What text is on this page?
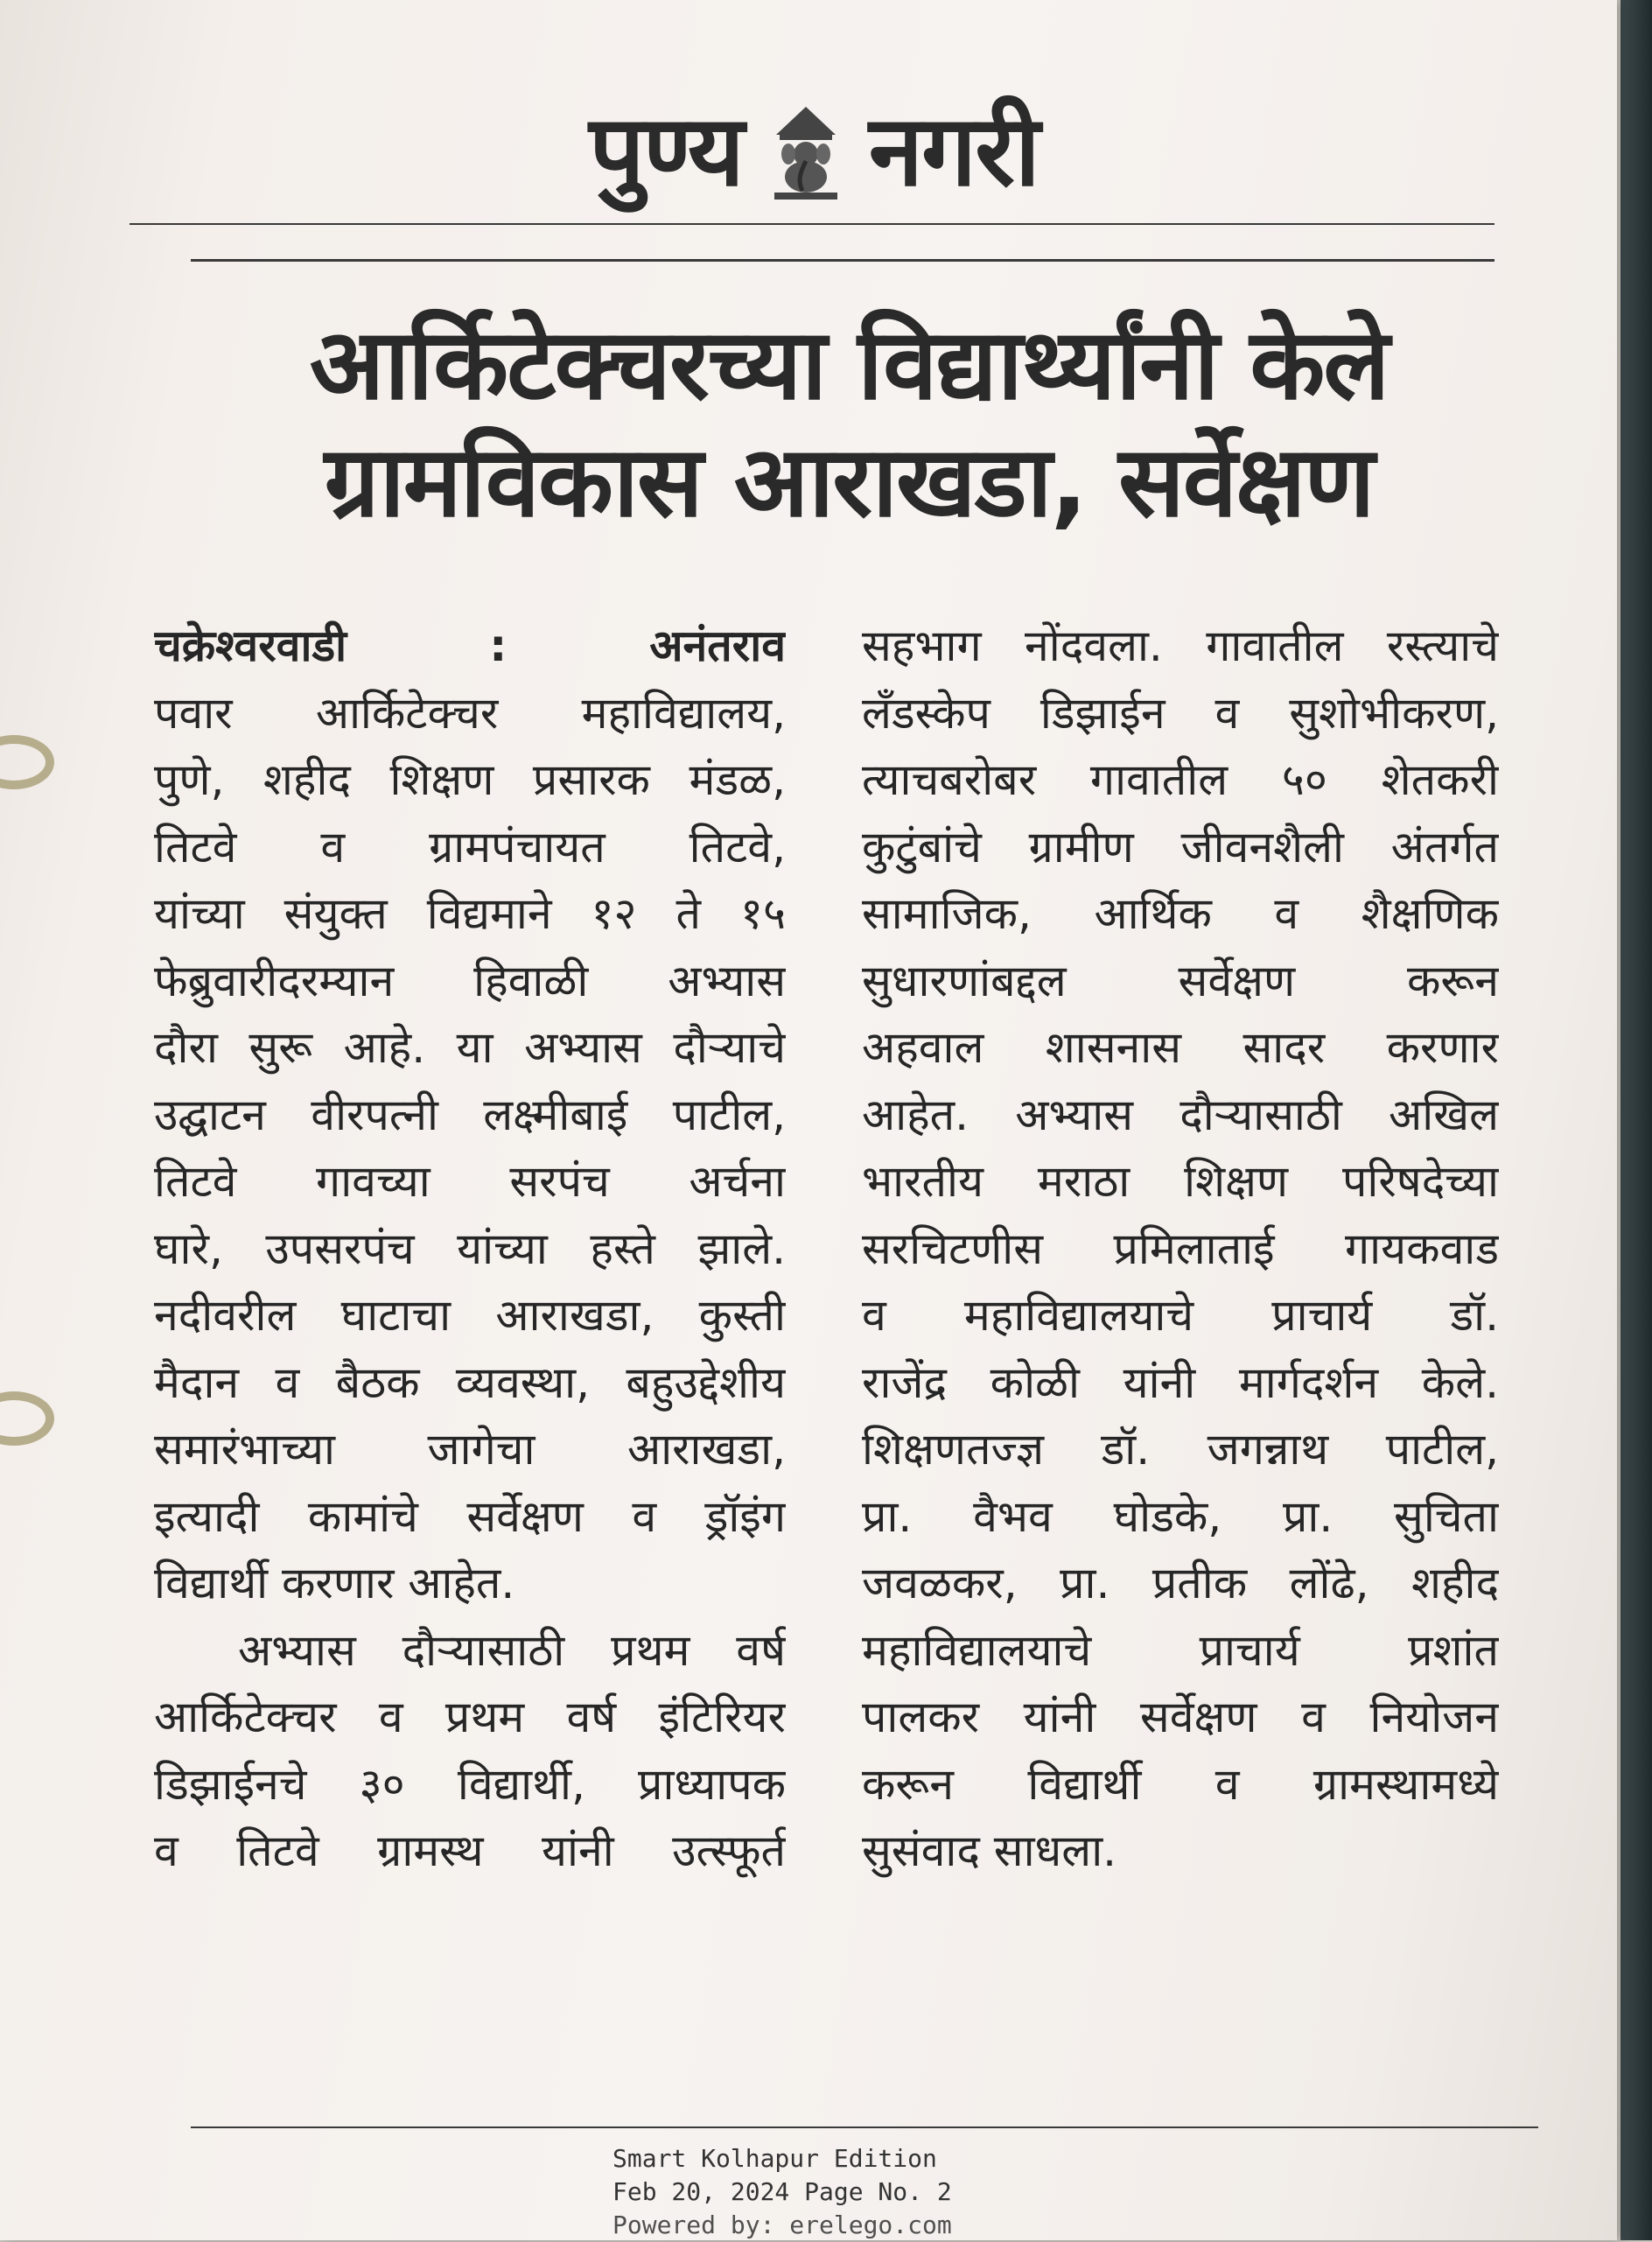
पुण्य नगरी
आर्किटेक्चरच्या विद्यार्थ्यांनी केले
ग्रामविकास आराखडा, सर्वेक्षण
चक्रेश्वरवाडी : अनंतराव
पवार आर्किटेक्चर महाविद्यालय,
पुणे, शहीद शिक्षण प्रसारक मंडळ,
तिटवे व ग्रामपंचायत तिटवे,
यांच्या संयुक्त विद्यमाने १२ ते १५
फेब्रुवारीदरम्यान हिवाळी अभ्यास
दौरा सुरू आहे. या अभ्यास दौऱ्याचे
उद्घाटन वीरपत्नी लक्ष्मीबाई पाटील,
तिटवे गावच्या सरपंच अर्चना
घारे, उपसरपंच यांच्या हस्ते झाले.
नदीवरील घाटाचा आराखडा, कुस्ती
मैदान व बैठक व्यवस्था, बहुउद्देशीय
समारंभाच्या जागेचा आराखडा,
इत्यादी कामांचे सर्वेक्षण व ड्रॉइंग
विद्यार्थी करणार आहेत.
अभ्यास दौऱ्यासाठी प्रथम वर्ष
आर्किटेक्चर व प्रथम वर्ष इंटिरियर
डिझाईनचे ३० विद्यार्थी, प्राध्यापक
व तिटवे ग्रामस्थ यांनी उत्स्फूर्त
सहभाग नोंदवला. गावातील रस्त्याचे
लँडस्केप डिझाईन व सुशोभीकरण,
त्याचबरोबर गावातील ५० शेतकरी
कुटुंबांचे ग्रामीण जीवनशैली अंतर्गत
सामाजिक, आर्थिक व शैक्षणिक
सुधारणांबद्दल सर्वेक्षण करून
अहवाल शासनास सादर करणार
आहेत. अभ्यास दौऱ्यासाठी अखिल
भारतीय मराठा शिक्षण परिषदेच्या
सरचिटणीस प्रमिलाताई गायकवाड
व महाविद्यालयाचे प्राचार्य डॉ.
राजेंद्र कोळी यांनी मार्गदर्शन केले.
शिक्षणतज्ज्ञ डॉ. जगन्नाथ पाटील,
प्रा. वैभव घोडके, प्रा. सुचिता
जवळकर, प्रा. प्रतीक लोंढे, शहीद
महाविद्यालयाचे प्राचार्य प्रशांत
पालकर यांनी सर्वेक्षण व नियोजन
करून विद्यार्थी व ग्रामस्थामध्ये
सुसंवाद साधला.
Smart Kolhapur Edition
Feb 20, 2024 Page No. 2
Powered by: erelego.com
